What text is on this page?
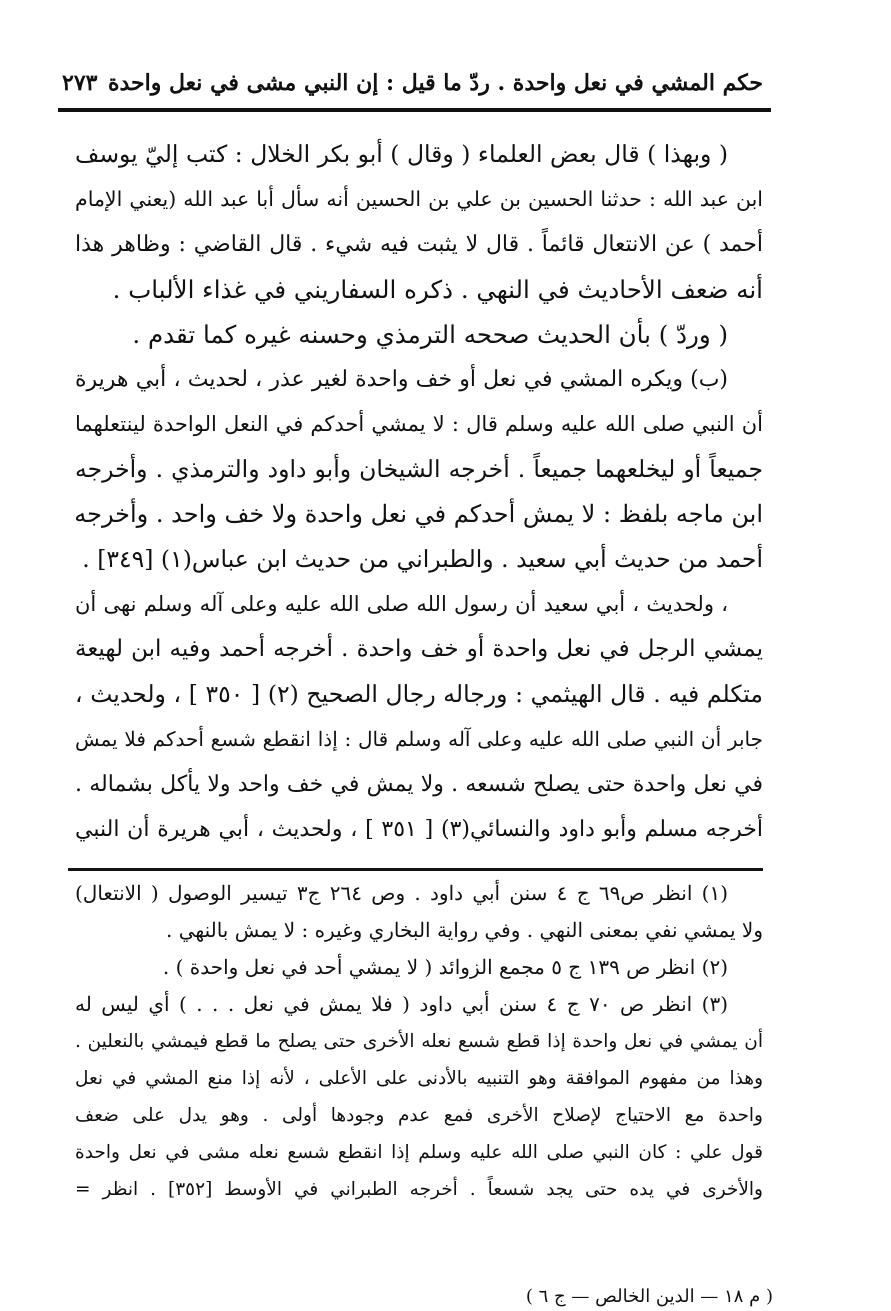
حكم المشي في نعل واحدة . ردّ ما قيل : إن النبي مشى في نعل واحدة
٢٧٣
( وبهذا ) قال بعض العلماء ( وقال ) أبو بكر الخلال : كتب إليّ يوسف
ابن عبد الله : حدثنا الحسين بن علي بن الحسين أنه سأل أبا عبد الله (يعني الإمام
أحمد ) عن الانتعال قائماً . قال لا يثبت فيه شيء . قال القاضي : وظاهر هذا
أنه ضعف الأحاديث في النهي . ذكره السفاريني في غذاء الألباب .
( وردّ ) بأن الحديث صححه الترمذي وحسنه غيره كما تقدم .
(ب) ويكره المشي في نعل أو خف واحدة لغير عذر ، لحديث ، أبي هريرة
أن النبي صلى الله عليه وسلم قال : لا يمشي أحدكم في النعل الواحدة لينتعلهما
جميعاً أو ليخلعهما جميعاً . أخرجه الشيخان وأبو داود والترمذي . وأخرجه
ابن ماجه بلفظ : لا يمش أحدكم في نعل واحدة ولا خف واحد . وأخرجه
أحمد من حديث أبي سعيد . والطبراني من حديث ابن عباس(١) [٣٤٩] .
، ولحديث ، أبي سعيد أن رسول الله صلى الله عليه وعلى آله وسلم نهى أن
يمشي الرجل في نعل واحدة أو خف واحدة . أخرجه أحمد وفيه ابن لهيعة
متكلم فيه . قال الهيثمي : ورجاله رجال الصحيح (٢) [ ٣٥٠ ] ، ولحديث ،
جابر أن النبي صلى الله عليه وعلى آله وسلم قال : إذا انقطع شسع أحدكم فلا يمش
في نعل واحدة حتى يصلح شسعه . ولا يمش في خف واحد ولا يأكل بشماله .
أخرجه مسلم وأبو داود والنسائي(٣) [ ٣٥١ ] ، ولحديث ، أبي هريرة أن النبي
(١) انظر ص٦٩ ج ٤ سنن أبي داود . وص ٢٦٤ ج٣ تيسير الوصول ( الانتعال)
ولا يمشي نفي بمعنى النهي . وفي رواية البخاري وغيره : لا يمش بالنهي .
(٢) انظر ص ١٣٩ ج ٥ مجمع الزوائد ( لا يمشي أحد في نعل واحدة ) .
(٣) انظر ص ٧٠ ج ٤ سنن أبي داود ( فلا يمش في نعل . . . ) أي ليس له
أن يمشي في نعل واحدة إذا قطع شسع نعله الأخرى حتى يصلح ما قطع فيمشي بالنعلين .
وهذا من مفهوم الموافقة وهو التنبيه بالأدنى على الأعلى ، لأنه إذا منع المشي في نعل
واحدة مع الاحتياج لإصلاح الأخرى فمع عدم وجودها أولى . وهو يدل على ضعف
قول علي : كان النبي صلى الله عليه وسلم إذا انقطع شسع نعله مشى في نعل واحدة
والأخرى في يده حتى يجد شسعاً . أخرجه الطبراني في الأوسط [٣٥٢] . انظر =
( م ١٨ — الدين الخالص — ج ٦ )
